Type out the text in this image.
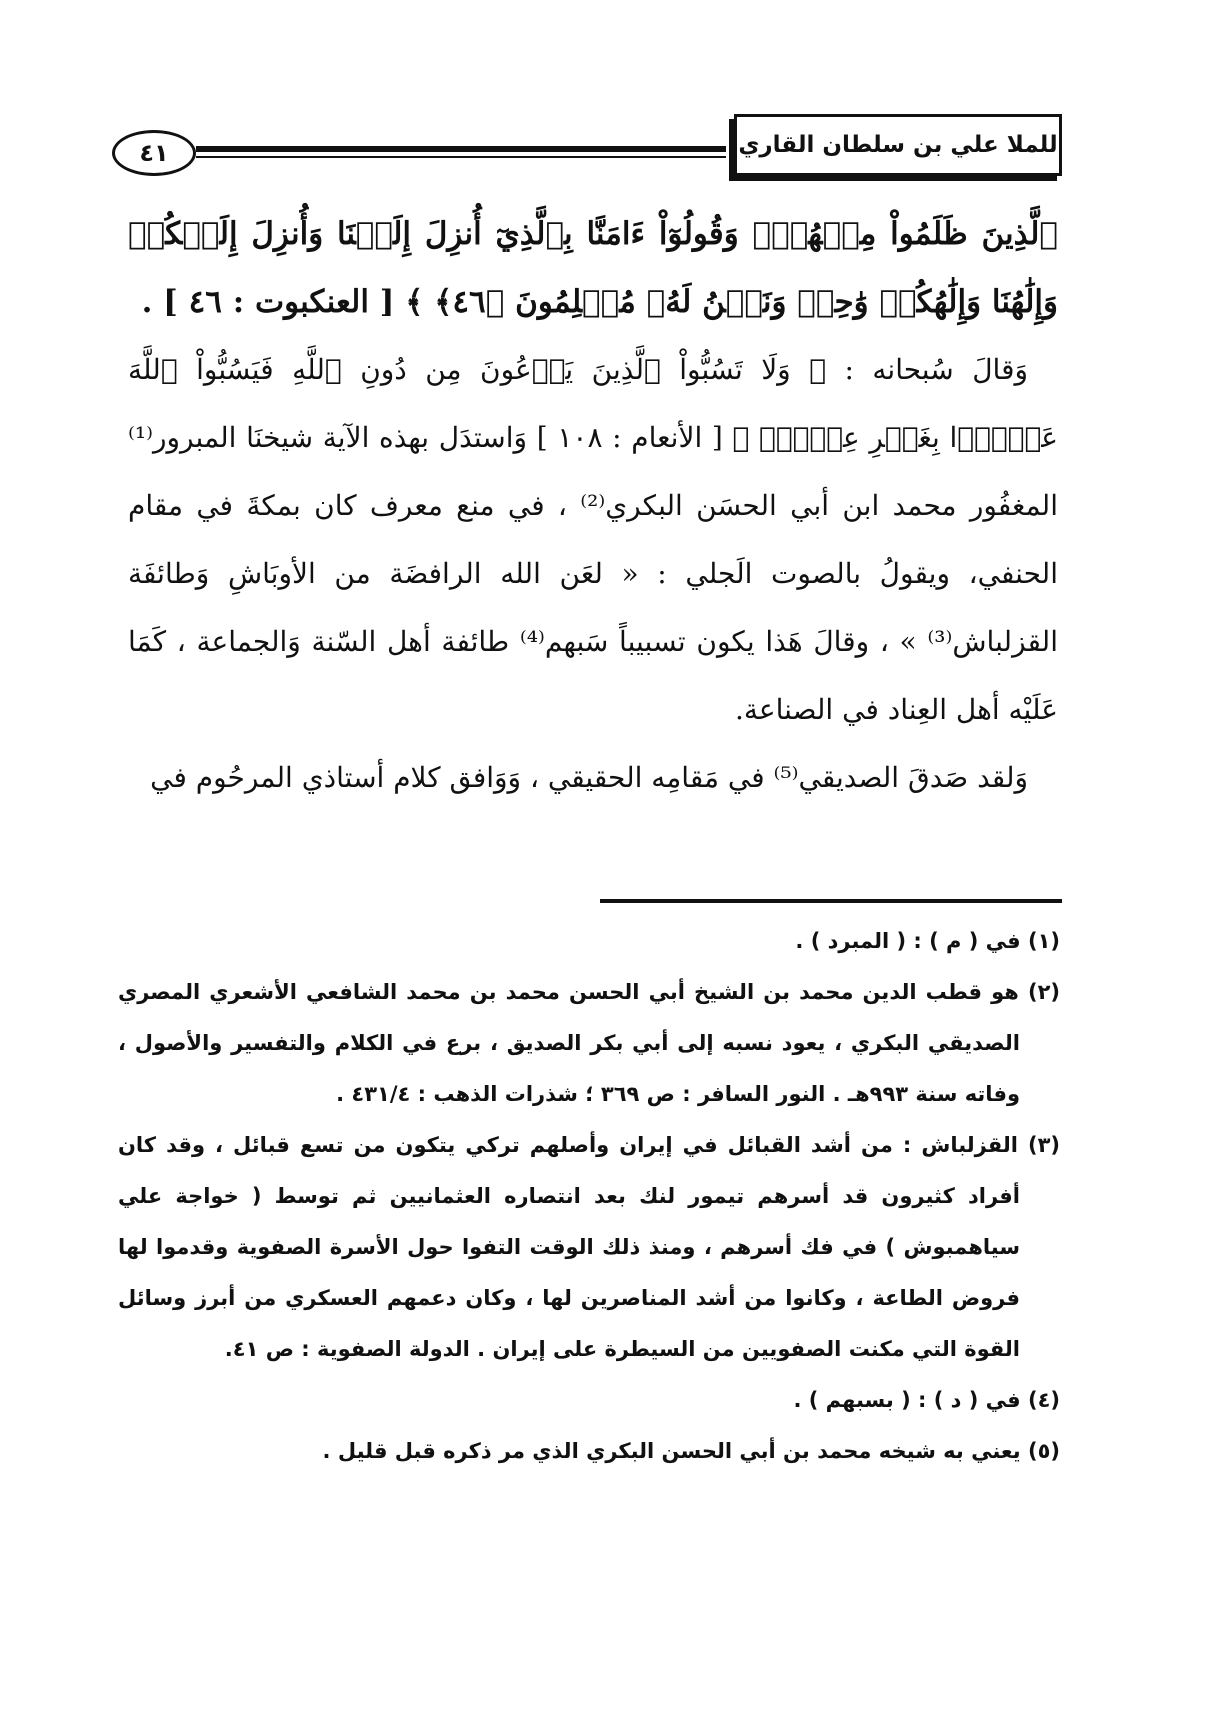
٤١	للملا علي بن سلطان القاري

ٱلَّذِينَ ظَلَمُواْ مِنۡهُمۡۖ وَقُولُوٓاْ ءَامَنَّا بِٱلَّذِيٓ أُنزِلَ إِلَيۡنَا وَأُنزِلَ إِلَيۡكُمۡ وَإِلَٰهُنَا وَإِلَٰهُكُمۡ وَٰحِدٞ وَنَحۡنُ لَهُۥ مُسۡلِمُونَ ﴿٤٦﴾ ﴾ [ العنكبوت : ٤٦ ] .

وَقالَ سُبحانه : ﴿ وَلَا تَسُبُّواْ ٱلَّذِينَ يَدۡعُونَ مِن دُونِ ٱللَّهِ فَيَسُبُّواْ ٱللَّهَ عَدۡوَۢا بِغَيۡرِ عِلۡمٖۗ ﴾ [ الأنعام : ١٠٨ ] وَاستدَل بهذه الآية شيخنَا المبرور⁽¹⁾ المغفُور محمد ابن أبي الحسَن البكري⁽²⁾ ، في منع معرف كان بمكةَ في مقام الحنفي، ويقولُ بالصوت الَجلي : « لعَن الله الرافضَة من الأوبَاشِ وَطائفَة القزلباش⁽³⁾ » ، وقالَ هَذا يكون تسبيباً سَبهم⁽⁴⁾ طائفة أهل السّنة وَالجماعة ، كَمَا عَلَيْه أهل العِناد في الصناعة.

وَلقد صَدقَ الصديقي⁽⁵⁾ في مَقامِه الحقيقي ، وَوَافق كلام أستاذي المرحُوم في

(١) في ( م ) : ( المبرد ) .

(٢) هو قطب الدين محمد بن الشيخ أبي الحسن محمد بن محمد الشافعي الأشعري المصري الصديقي البكري ، يعود نسبه إلى أبي بكر الصديق ، برع في الكلام والتفسير والأصول ، وفاته سنة ٩٩٣هـ . النور السافر : ص ٣٦٩ ؛ شذرات الذهب : ٤٣١/٤ .

(٣) القزلباش : من أشد القبائل في إيران وأصلهم تركي يتكون من تسع قبائل ، وقد كان أفراد كثيرون قد أسرهم تيمور لنك بعد انتصاره العثمانيين ثم توسط ( خواجة علي سياهمبوش ) في فك أسرهم ، ومنذ ذلك الوقت التفوا حول الأسرة الصفوية وقدموا لها فروض الطاعة ، وكانوا من أشد المناصرين لها ، وكان دعمهم العسكري من أبرز وسائل القوة التي مكنت الصفويين من السيطرة على إيران . الدولة الصفوية : ص ٤١.

(٤) في ( د ) : ( بسبهم ) .

(٥) يعني به شيخه محمد بن أبي الحسن البكري الذي مر ذكره قبل قليل .
